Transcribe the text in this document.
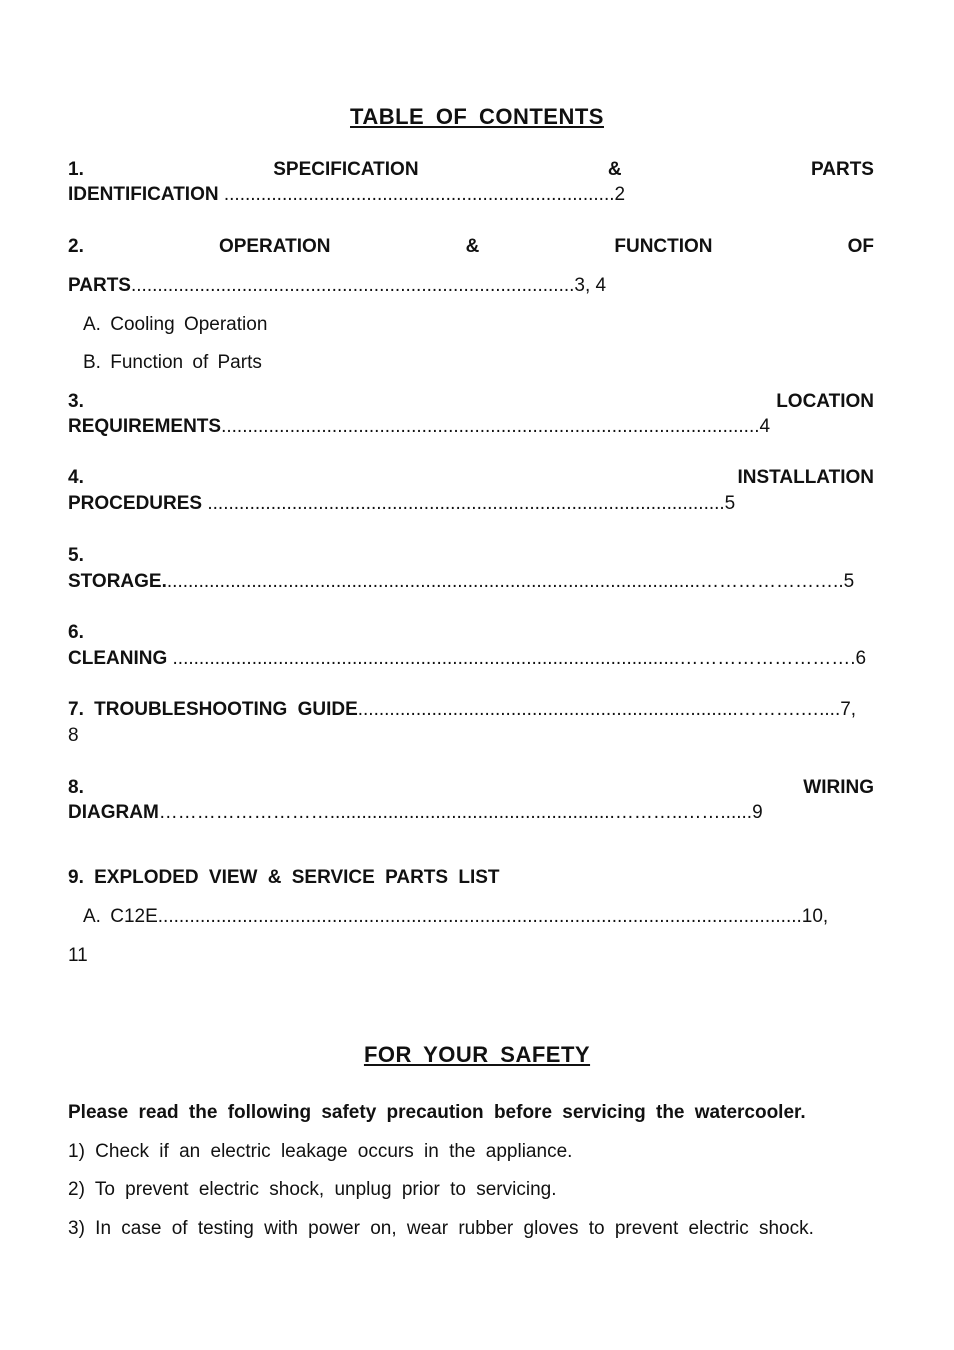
TABLE OF CONTENTS
1.	SPECIFICATION	&	PARTS
IDENTIFICATION ..........................................................................2
2.	OPERATION	&	FUNCTION	OF
PARTS....................................................................................3, 4
A. Cooling Operation
B. Function of Parts
3.	LOCATION
REQUIREMENTS......................................................................................................4
4.	INSTALLATION
PROCEDURES ..................................................................................................5
5.
STORAGE......................................................................................................…………………..5
6.
CLEANING ................................................................................................……………………….6
7. TROUBLESHOOTING GUIDE........................................................................……….…....7,
8
8.	WIRING
DIAGRAM………………………......................................................………..……......9
9. EXPLODED VIEW & SERVICE PARTS LIST
A. C12E..........................................................................................................................10,
11
FOR YOUR SAFETY
Please read the following safety precaution before servicing the watercooler.
1) Check if an electric leakage occurs in the appliance.
2) To prevent electric shock, unplug prior to servicing.
3) In case of testing with power on, wear rubber gloves to prevent electric shock.
